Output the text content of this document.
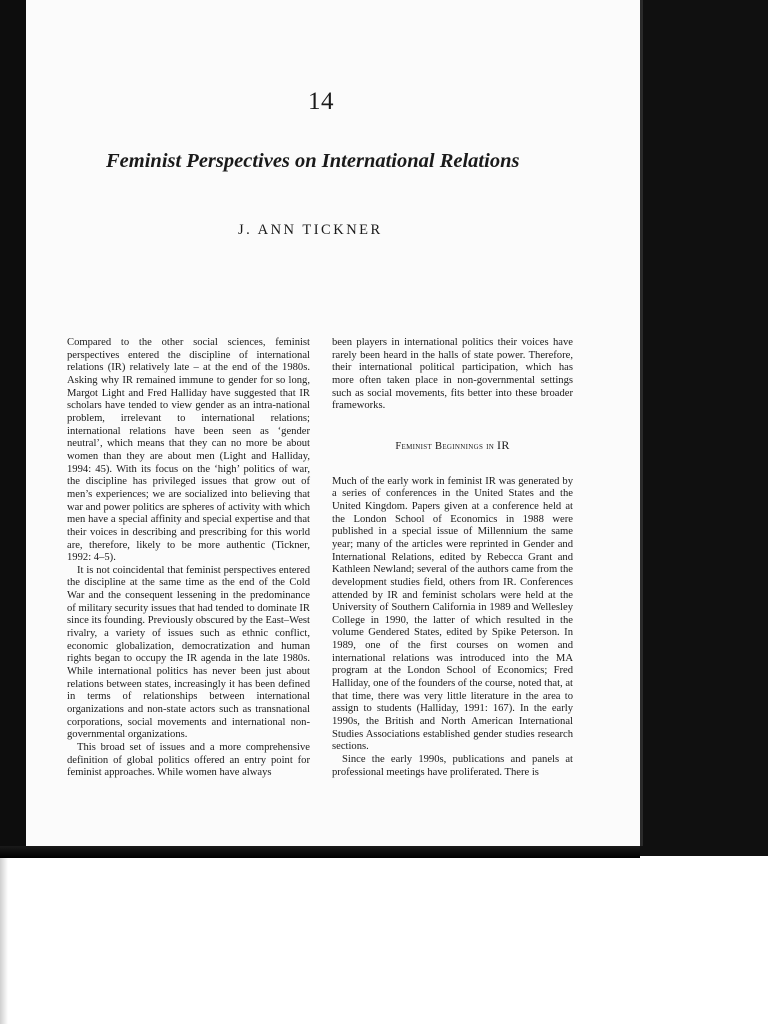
14
Feminist Perspectives on International Relations
J. ANN TICKNER

Compared to the other social sciences, feminist perspectives entered the discipline of international relations (IR) relatively late – at the end of the 1980s. Asking why IR remained immune to gender for so long, Margot Light and Fred Halliday have suggested that IR scholars have tended to view gender as an intra-national problem, irrelevant to international relations; international relations have been seen as ‘gender neutral’, which means that they can no more be about women than they are about men (Light and Halliday, 1994: 45). With its focus on the ‘high’ politics of war, the discipline has privileged issues that grow out of men’s experiences; we are socialized into believing that war and power politics are spheres of activity with which men have a special affinity and special expertise and that their voices in describing and prescribing for this world are, therefore, likely to be more authentic (Tickner, 1992: 4–5).

It is not coincidental that feminist perspectives entered the discipline at the same time as the end of the Cold War and the consequent lessening in the predominance of military security issues that had tended to dominate IR since its founding. Previously obscured by the East–West rivalry, a variety of issues such as ethnic conflict, economic globalization, democratization and human rights began to occupy the IR agenda in the late 1980s. While international politics has never been just about relations between states, increasingly it has been defined in terms of relationships between international organizations and non-state actors such as transnational corporations, social movements and international non-governmental organizations.

This broad set of issues and a more comprehensive definition of global politics offered an entry point for feminist approaches. While women have always

been players in international politics their voices have rarely been heard in the halls of state power. Therefore, their international political participation, which has more often taken place in non-governmental settings such as social movements, fits better into these broader frameworks.

Feminist Beginnings in IR

Much of the early work in feminist IR was generated by a series of conferences in the United States and the United Kingdom. Papers given at a conference held at the London School of Economics in 1988 were published in a special issue of Millennium the same year; many of the articles were reprinted in Gender and International Relations, edited by Rebecca Grant and Kathleen Newland; several of the authors came from the development studies field, others from IR. Conferences attended by IR and feminist scholars were held at the University of Southern California in 1989 and Wellesley College in 1990, the latter of which resulted in the volume Gendered States, edited by Spike Peterson. In 1989, one of the first courses on women and international relations was introduced into the MA program at the London School of Economics; Fred Halliday, one of the founders of the course, noted that, at that time, there was very little literature in the area to assign to students (Halliday, 1991: 167). In the early 1990s, the British and North American International Studies Associations established gender studies research sections.

Since the early 1990s, publications and panels at professional meetings have proliferated. There is
